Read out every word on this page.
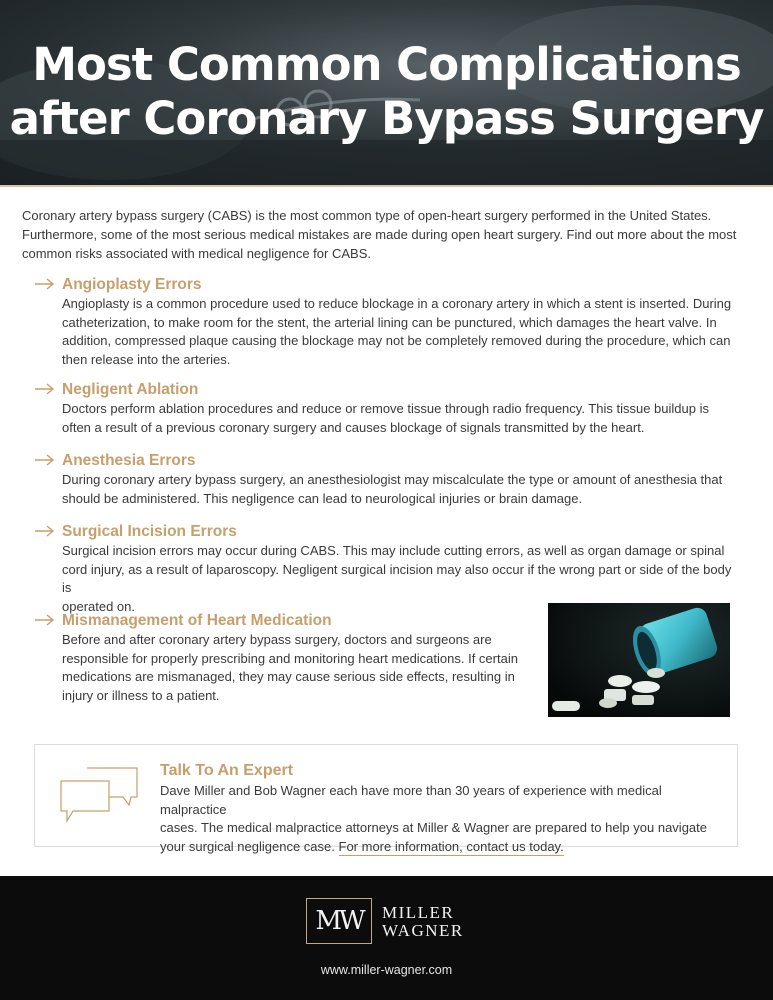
Most Common Complications
after Coronary Bypass Surgery
Coronary artery bypass surgery (CABS) is the most common type of open-heart surgery performed in the United States. Furthermore, some of the most serious medical mistakes are made during open heart surgery. Find out more about the most common risks associated with medical negligence for CABS.
Angioplasty Errors
Angioplasty is a common procedure used to reduce blockage in a coronary artery in which a stent is inserted. During
catheterization, to make room for the stent, the arterial lining can be punctured, which damages the heart valve. In
addition, compressed plaque causing the blockage may not be completely removed during the procedure, which can
then release into the arteries.
Negligent Ablation
Doctors perform ablation procedures and reduce or remove tissue through radio frequency. This tissue buildup is
often a result of a previous coronary surgery and causes blockage of signals transmitted by the heart.
Anesthesia Errors
During coronary artery bypass surgery, an anesthesiologist may miscalculate the type or amount of anesthesia that
should be administered. This negligence can lead to neurological injuries or brain damage.
Surgical Incision Errors
Surgical incision errors may occur during CABS. This may include cutting errors, as well as organ damage or spinal
cord injury, as a result of laparoscopy. Negligent surgical incision may also occur if the wrong part or side of the body is
operated on.
Mismanagement of Heart Medication
Before and after coronary artery bypass surgery, doctors and surgeons are
responsible for properly prescribing and monitoring heart medications. If certain
medications are mismanaged, they may cause serious side effects, resulting in
injury or illness to a patient.
Talk To An Expert
Dave Miller and Bob Wagner each have more than 30 years of experience with medical malpractice
cases. The medical malpractice attorneys at Miller & Wagner are prepared to help you navigate
your surgical negligence case. For more information, contact us today.
MW	MILLER
WAGNER
www.miller-wagner.com
